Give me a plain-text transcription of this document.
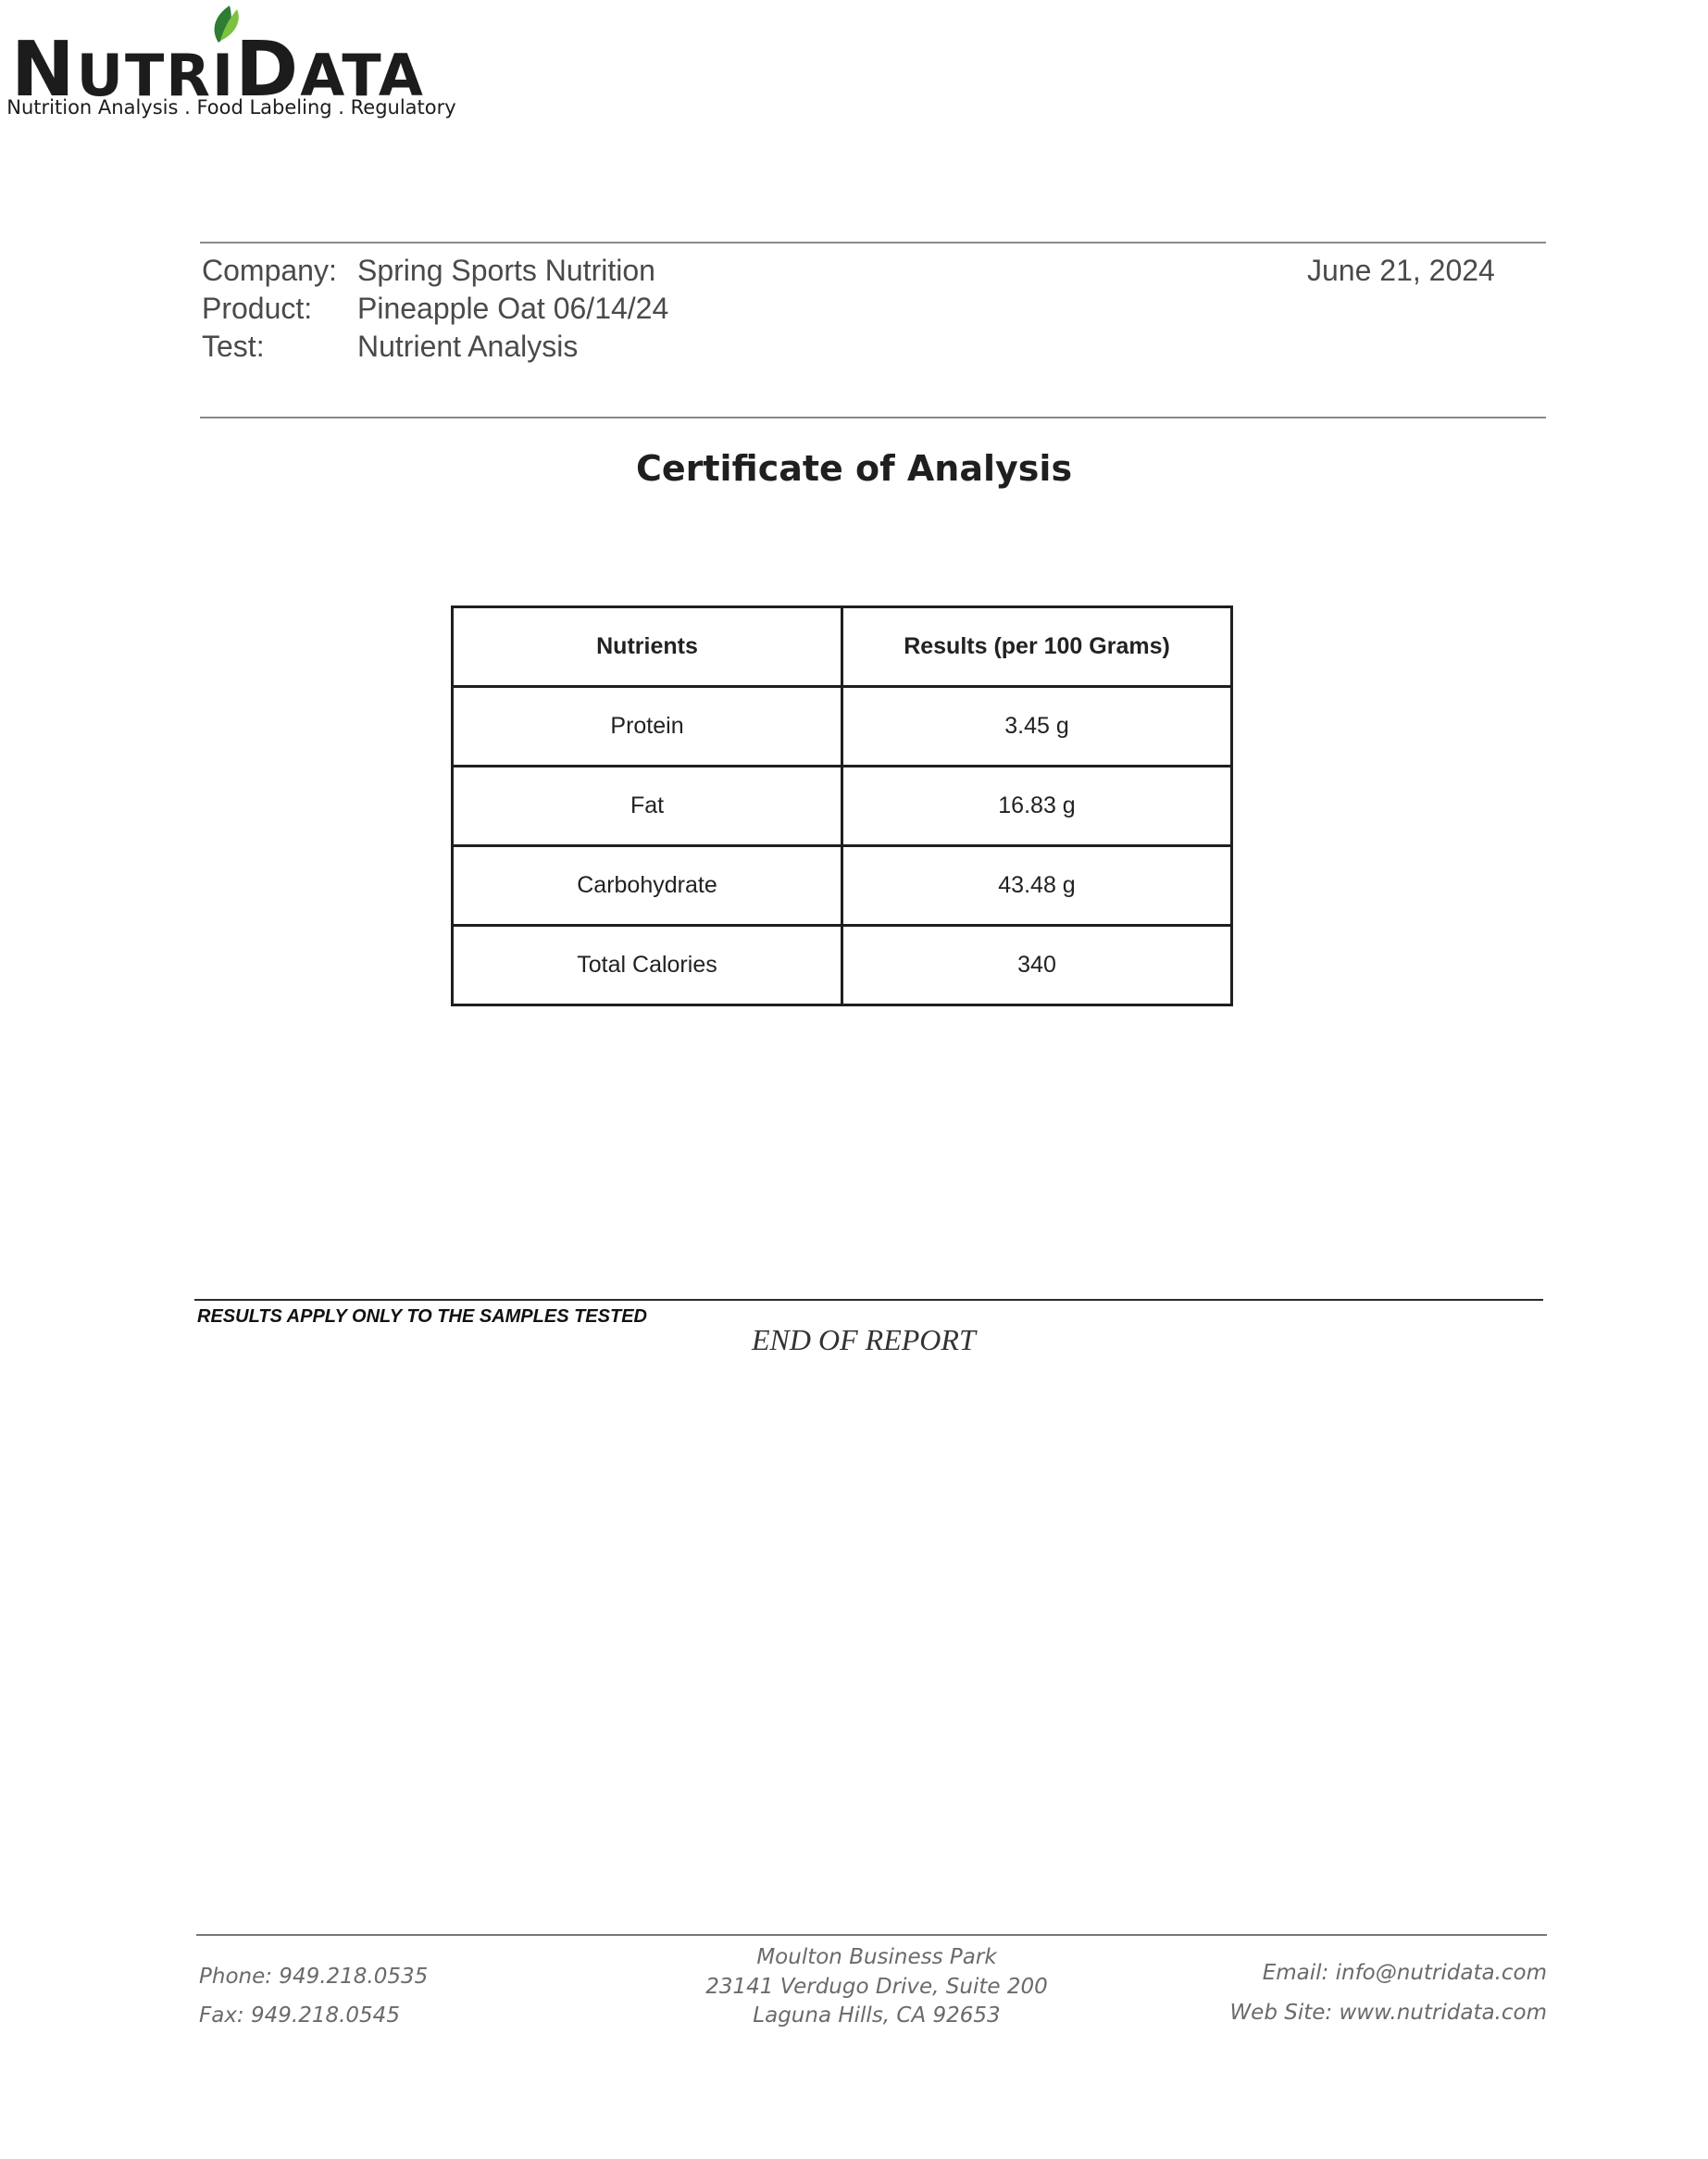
NUTRIDATA
Nutrition Analysis . Food Labeling . Regulatory
Company: Spring Sports Nutrition	June 21, 2024
Product: Pineapple Oat 06/14/24
Test:	Nutrient Analysis
Certificate of Analysis
Nutrients	Results (per 100 Grams)
Protein	3.45 g
Fat	16.83 g
Carbohydrate	43.48 g
Total Calories	340
RESULTS APPLY ONLY TO THE SAMPLES TESTED
END OF REPORT
Phone: 949.218.0535
Fax: 949.218.0545
Moulton Business Park
23141 Verdugo Drive, Suite 200
Laguna Hills, CA 92653
Email: info@nutridata.com
Web Site: www.nutridata.com
